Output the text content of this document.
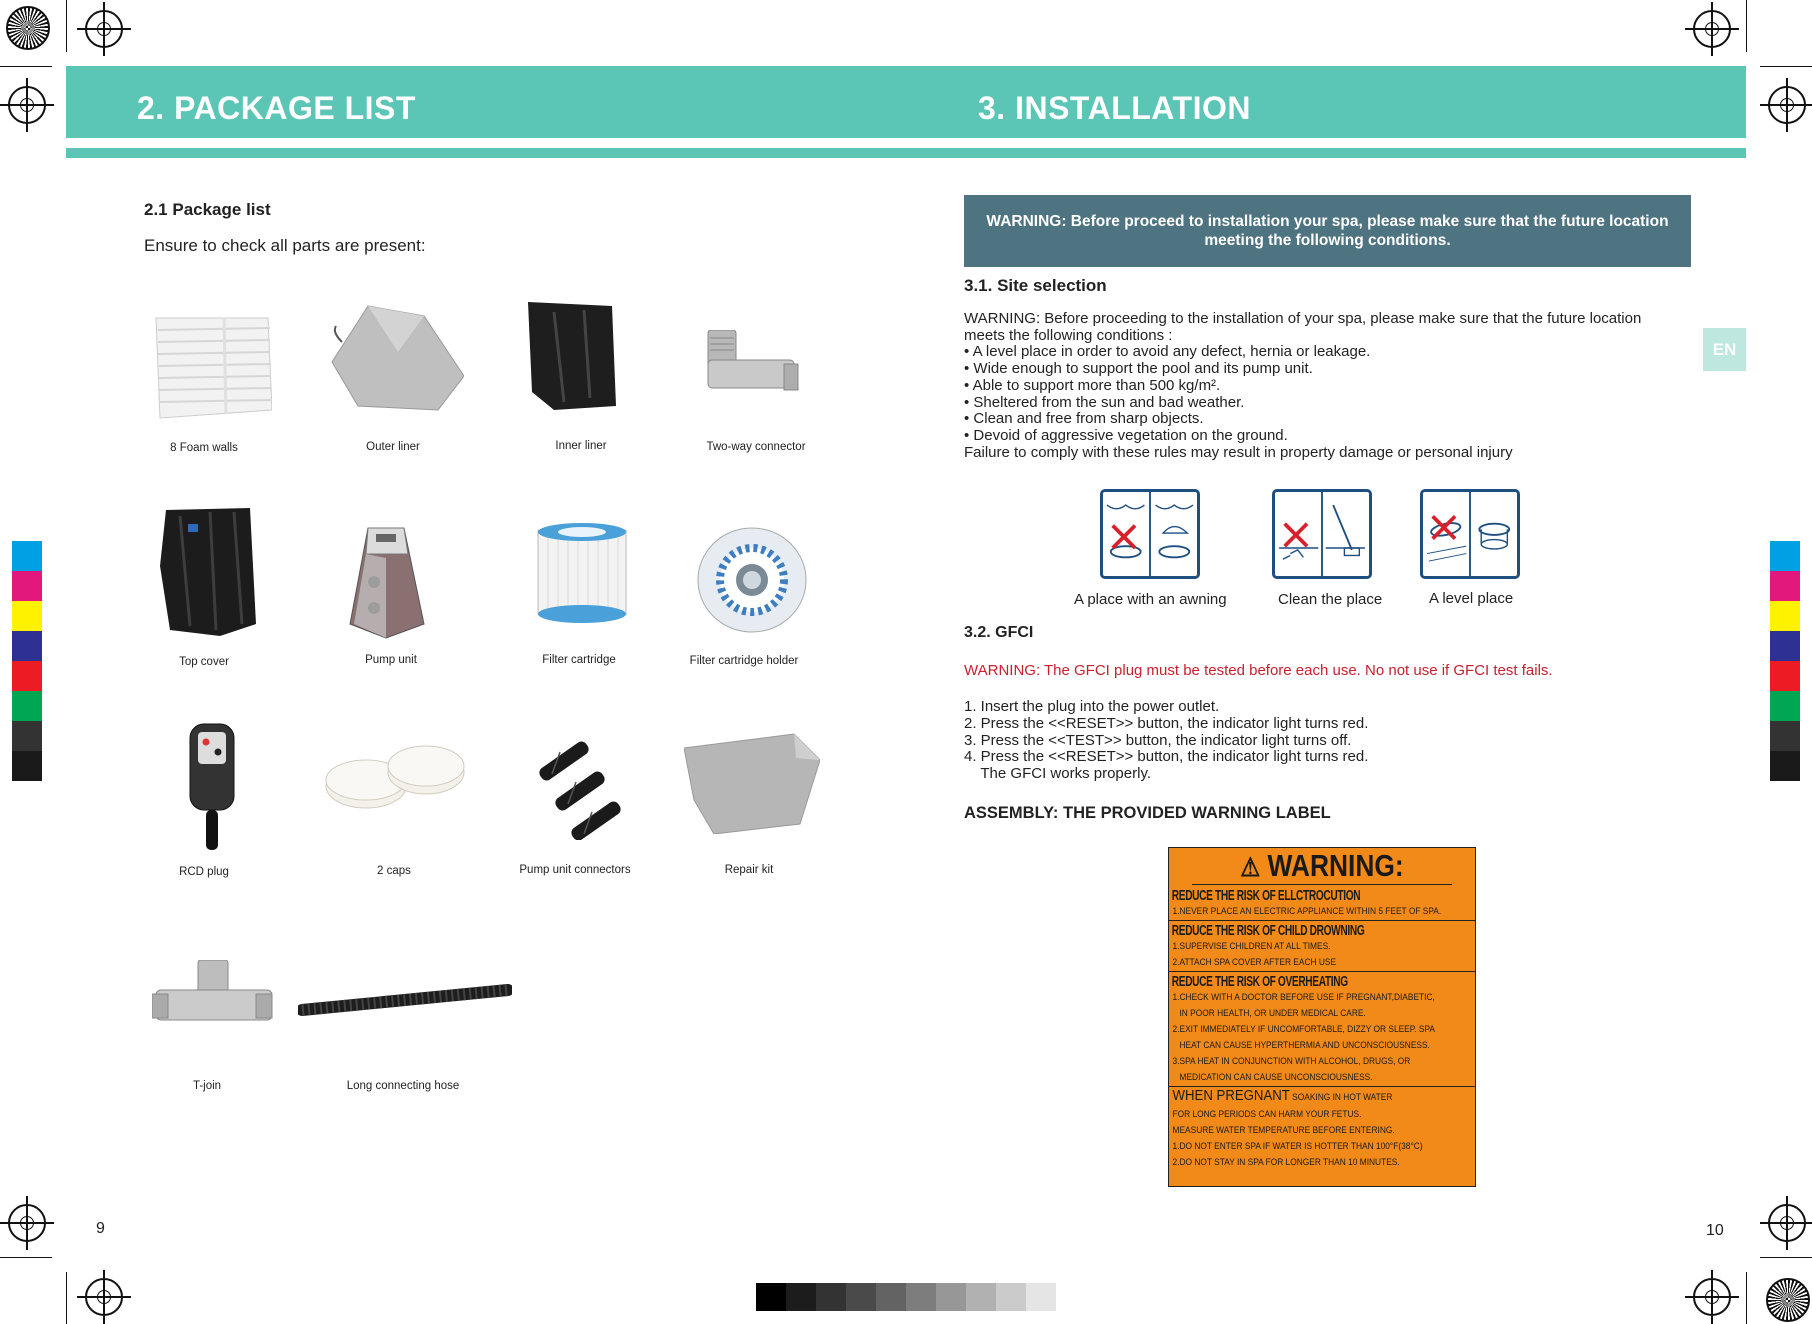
2. PACKAGE LIST	3. INSTALLATION
EN
2.1 Package list
Ensure to check all parts are present:
8 Foam walls	Outer liner	Inner liner	Two-way connector
Top cover	Pump unit	Filter cartridge	Filter cartridge holder
RCD plug	2 caps	Pump unit connectors	Repair kit
T-join	Long connecting hose
9
WARNING: Before proceed to installation your spa, please make sure that the future location meeting the following conditions.
3.1. Site selection
WARNING: Before proceeding to the installation of your spa, please make sure that the future location
meets the following conditions :
• A level place in order to avoid any defect, hernia or leakage.
• Wide enough to support the pool and its pump unit.
• Able to support more than 500 kg/m².
• Sheltered from the sun and bad weather.
• Clean and free from sharp objects.
• Devoid of aggressive vegetation on the ground.
Failure to comply with these rules may result in property damage or personal injury
A place with an awning	Clean the place	A level place
3.2. GFCI
WARNING: The GFCI plug must be tested before each use. No not use if GFCI test fails.
1. Insert the plug into the power outlet.
2. Press the <<RESET>> button, the indicator light turns red.
3. Press the <<TEST>> button, the indicator light turns off.
4. Press the <<RESET>> button, the indicator light turns red.
The GFCI works properly.
ASSEMBLY: THE PROVIDED WARNING LABEL
⚠ WARNING:
REDUCE THE RISK OF ELLCTROCUTION
1.NEVER PLACE AN ELECTRIC APPLIANCE WITHIN 5 FEET OF SPA.
REDUCE THE RISK OF CHILD DROWNING
1.SUPERVISE CHILDREN AT ALL TIMES.
2.ATTACH SPA COVER AFTER EACH USE
REDUCE THE RISK OF OVERHEATING
1.CHECK WITH A DOCTOR BEFORE USE IF PREGNANT,DIABETIC,
IN POOR HEALTH, OR UNDER MEDICAL CARE.
2.EXIT IMMEDIATELY IF UNCOMFORTABLE, DIZZY OR SLEEP. SPA
HEAT CAN CAUSE HYPERTHERMIA AND UNCONSCIOUSNESS.
3.SPA HEAT IN CONJUNCTION WITH ALCOHOL, DRUGS, OR
MEDICATION CAN CAUSE UNCONSCIOUSNESS.
WHEN PREGNANT SOAKING IN HOT WATER
FOR LONG PERIODS CAN HARM YOUR FETUS.
MEASURE WATER TEMPERATURE BEFORE ENTERING.
1.DO NOT ENTER SPA IF WATER IS HOTTER THAN 100°F(38°C)
2.DO NOT STAY IN SPA FOR LONGER THAN 10 MINUTES.
10
